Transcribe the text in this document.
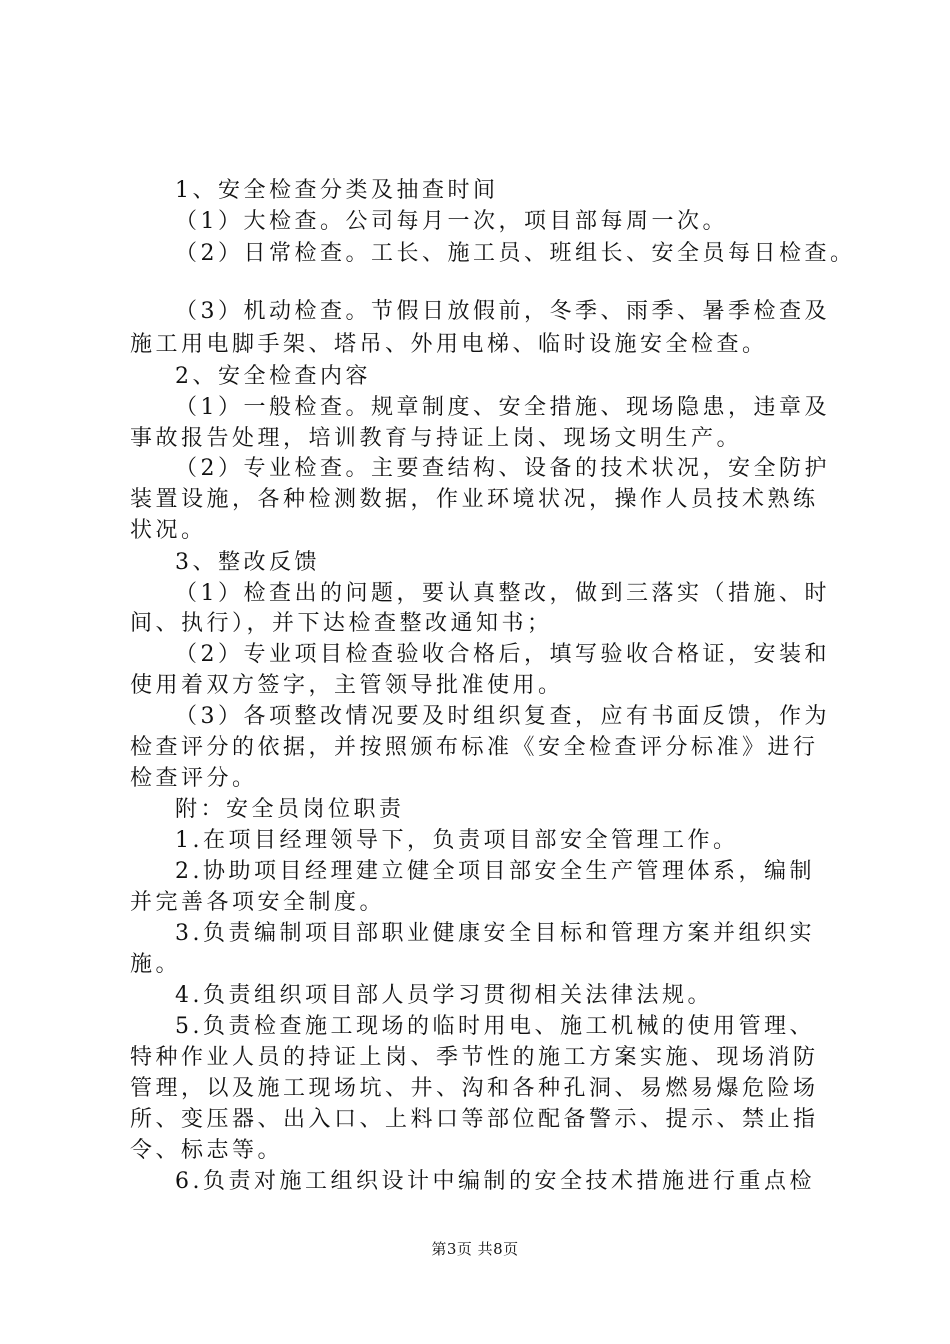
1、安全检查分类及抽查时间

（1）大检查。公司每月一次，项目部每周一次。

（2）日常检查。工长、施工员、班组长、安全员每日检查。

（3）机动检查。节假日放假前，冬季、雨季、暑季检查及

施工用电脚手架、塔吊、外用电梯、临时设施安全检查。

2、安全检查内容

（1）一般检查。规章制度、安全措施、现场隐患，违章及

事故报告处理，培训教育与持证上岗、现场文明生产。

（2）专业检查。主要查结构、设备的技术状况，安全防护

装置设施，各种检测数据，作业环境状况，操作人员技术熟练

状况。

3、整改反馈

（1）检查出的问题，要认真整改，做到三落实（措施、时

间、执行），并下达检查整改通知书；

（2）专业项目检查验收合格后，填写验收合格证，安装和

使用着双方签字，主管领导批准使用。

（3）各项整改情况要及时组织复查，应有书面反馈，作为

检查评分的依据，并按照颁布标准《安全检查评分标准》进行

检查评分。

附：安全员岗位职责

1.在项目经理领导下，负责项目部安全管理工作。

2.协助项目经理建立健全项目部安全生产管理体系，编制

并完善各项安全制度。

3.负责编制项目部职业健康安全目标和管理方案并组织实

施。

4.负责组织项目部人员学习贯彻相关法律法规。

5.负责检查施工现场的临时用电、施工机械的使用管理、

特种作业人员的持证上岗、季节性的施工方案实施、现场消防

管理，以及施工现场坑、井、沟和各种孔洞、易燃易爆危险场

所、变压器、出入口、上料口等部位配备警示、提示、禁止指

令、标志等。

6.负责对施工组织设计中编制的安全技术措施进行重点检

第3页 共8页
